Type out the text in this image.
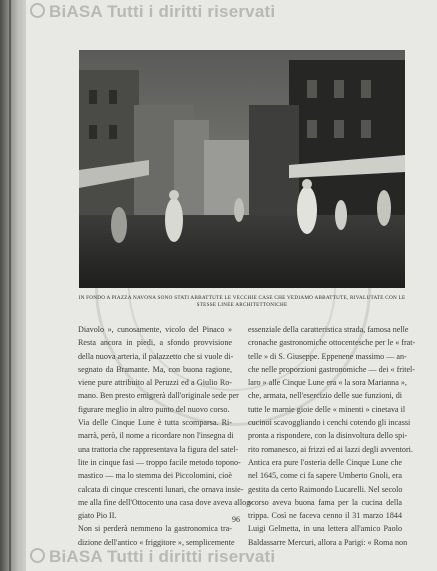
BiASA Tutti i diritti riservati
IN FONDO A PIAZZA NAVONA SONO STATI ABBATTUTE LE VECCHIE CASE CHE VEDIAMO ABBATTUTE, RIVALUTATE CON LE
STESSE LINEE ARCHITETTONICHE
Diavolo », cunosamente, vicolo del Pinaco »
Resta ancora in piedi, a sfondo provvisione
della nuova arteria, il palazzetto che si vuole di-
segnato da Bramante. Ma, con buona ragione,
viene pure attribuito al Peruzzi ed a Giulio Ro-
mano. Ben presto emigrerà dall'originale sede per
figurare meglio in altro punto del nuovo corso.
Via delle Cinque Lune è tutta scomparsa. Ri-
marrà, però, il nome a ricordare non l'insegna di
una trattoria che rappresentava la figura del satel-
lite in cinque fasi — troppo facile metodo topono-
mastico — ma lo stemma dei Piccolomini, cioè
calcata di cinque crescenti lunari, che ornava insie-
me alla fine dell'Ottocento una casa dove aveva allog-
giato Pio II.
Non si perderà nemmeno la gastronomica tra-
dizione dell'antico « friggitore », semplicemente
essenziale della caratteristica strada, famosa nelle
cronache gastronomiche ottocentesche per le « frat-
telle » di S. Giuseppe. Eppenene massimo — an-
che nelle proporzioni gastronomiche — dei « fritel-
laro » alle Cinque Lune era « la sora Marianna »,
che, armata, nell'esercizio delle sue funzioni, di
tutte le marnie gioie delle « minenti » cinetava il
cucinoi scavoggliando i cenchi cotendo gli incassi
pronta a rispondere, con la disinvoltura dello spi-
rito romanesco, ai frizzi ed ai lazzi degli avventori.
Antica era pure l'osteria delle Cinque Lune che
nel 1645, come ci fa sapere Umberto Gnoli, era
gestita da certo Raimondo Lucarelli. Nel secolo
scorso aveva buona fama per la cucina della
trippa. Così ne faceva cenno il 31 marzo 1844
Luigi Gelmetta, in una lettera all'amico Paolo
Baldassarre Mercuri, allora a Parigi: « Roma non
96
BiASA Tutti i diritti riservati
